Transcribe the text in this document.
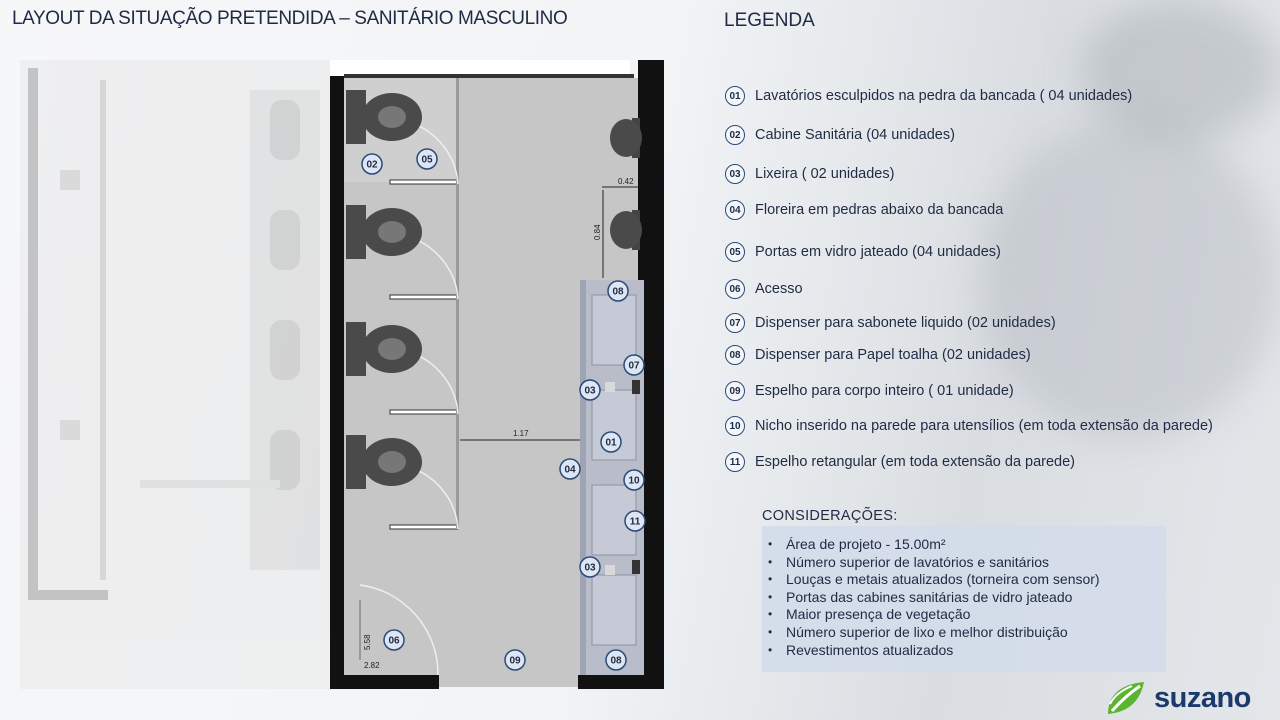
LAYOUT DA SITUAÇÃO PRETENDIDA – SANITÁRIO MASCULINO	LEGENDA
0.42
0.84
1.17
5.58
2.82
02	05
08
07
03
01
04
10
11
03
06
09	08
01 Lavatórios esculpidos na pedra da bancada ( 04 unidades)
02 Cabine Sanitária (04 unidades)
03 Lixeira ( 02 unidades)
04 Floreira em pedras abaixo da bancada
05 Portas em vidro jateado (04 unidades)
06 Acesso
07 Dispenser para sabonete liquido (02 unidades)
08 Dispenser para Papel toalha (02 unidades)
09 Espelho para corpo inteiro ( 01 unidade)
10 Nicho inserido na parede para utensílios (em toda extensão da parede)
11	Espelho retangular (em toda extensão da parede)
CONSIDERAÇÕES:
• Área de projeto - 15.00m²
• Número superior de lavatórios e sanitários
• Louças e metais atualizados (torneira com sensor)
• Portas das cabines sanitárias de vidro jateado
• Maior presença de vegetação
• Número superior de lixo e melhor distribuição
• Revestimentos atualizados
suzano
